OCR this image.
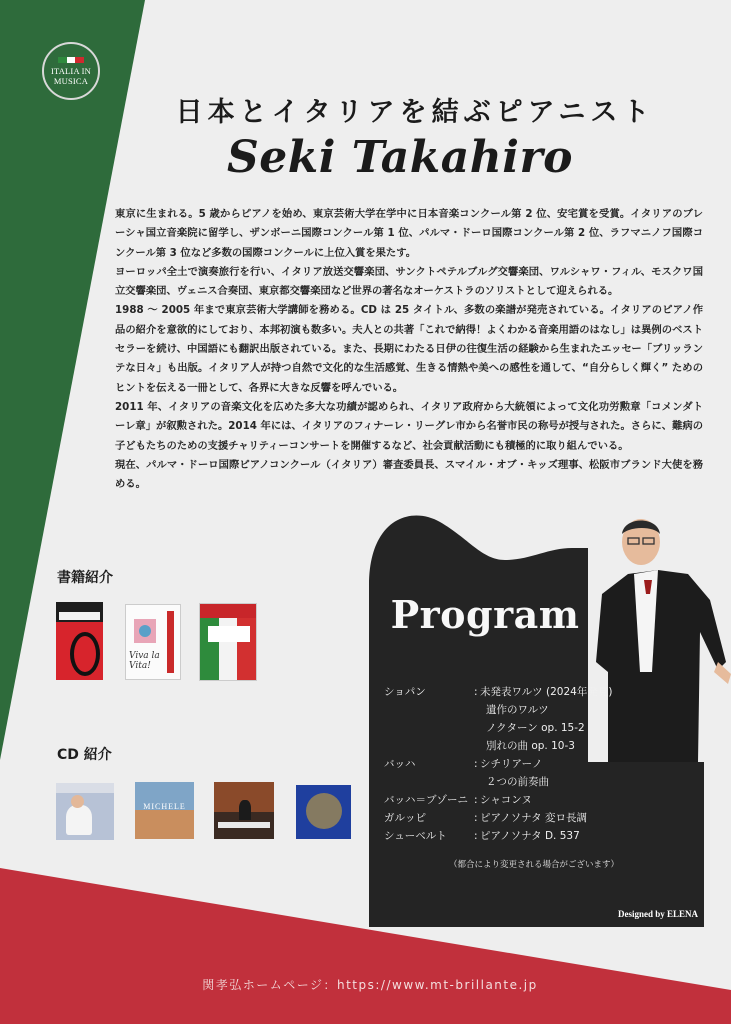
ITALIA IN
MUSICA
日本とイタリアを結ぶピアニスト
Seki Takahiro

東京に生まれる。5 歳からピアノを始め、東京芸術大学在学中に日本音楽コンクール第 2 位、安宅賞を受賞。イタリアのブレーシャ国立音楽院に留学し、ザンボーニ国際コンクール第 1 位、パルマ・ドーロ国際コンクール第 2 位、ラフマニノフ国際コンクール第 3 位など多数の国際コンクールに上位入賞を果たす。

ヨーロッパ全土で演奏旅行を行い、イタリア放送交響楽団、サンクトペテルブルグ交響楽団、ワルシャワ・フィル、モスクワ国立交響楽団、ヴェニス合奏団、東京都交響楽団など世界の著名なオーケストラのソリストとして迎えられる。

1988 ～ 2005 年まで東京芸術大学講師を務める。CD は 25 タイトル、多数の楽譜が発売されている。イタリアのピアノ作品の紹介を意欲的にしており、本邦初演も数多い。夫人との共著「これで納得！よくわかる音楽用語のはなし」は異例のベストセラーを続け、中国語にも翻訳出版されている。また、長期にわたる日伊の往復生活の経験から生まれたエッセー「ブリッランテな日々」も出版。イタリア人が持つ自然で文化的な生活感覚、生きる情熱や美への感性を通して、“自分らしく輝く” ためのヒントを伝える一冊として、各界に大きな反響を呼んでいる。

2011 年、イタリアの音楽文化を広めた多大な功績が認められ、イタリア政府から大統領によって文化功労勲章「コメンダトーレ章」が叙勲された。2014 年には、イタリアのフィナーレ・リーグレ市から名誉市民の称号が授与された。さらに、難病の子どもたちのための支援チャリティーコンサートを開催するなど、社会貢献活動にも積極的に取り組んでいる。

現在、パルマ・ドーロ国際ピアノコンクール（イタリア）審査委員長、スマイル・オブ・キッズ理事、松阪市ブランド大使を務める。

書籍紹介
Viva la Vita!
CD 紹介
MICHELE
Program
ショパン	: 未発表ワルツ (2024年発見)
遺作のワルツ
ノクターン op. 15-2
別れの曲 op. 10-3
バッハ	: シチリアーノ
２つの前奏曲
バッハ＝ブゾーニ : シャコンヌ
ガルッピ	: ピアノソナタ 変ロ長調
シューベルト	: ピアノソナタ D. 537
（都合により変更される場合がございます）
Designed by ELENA
関孝弘ホームページ：https://www.mt-brillante.jp
